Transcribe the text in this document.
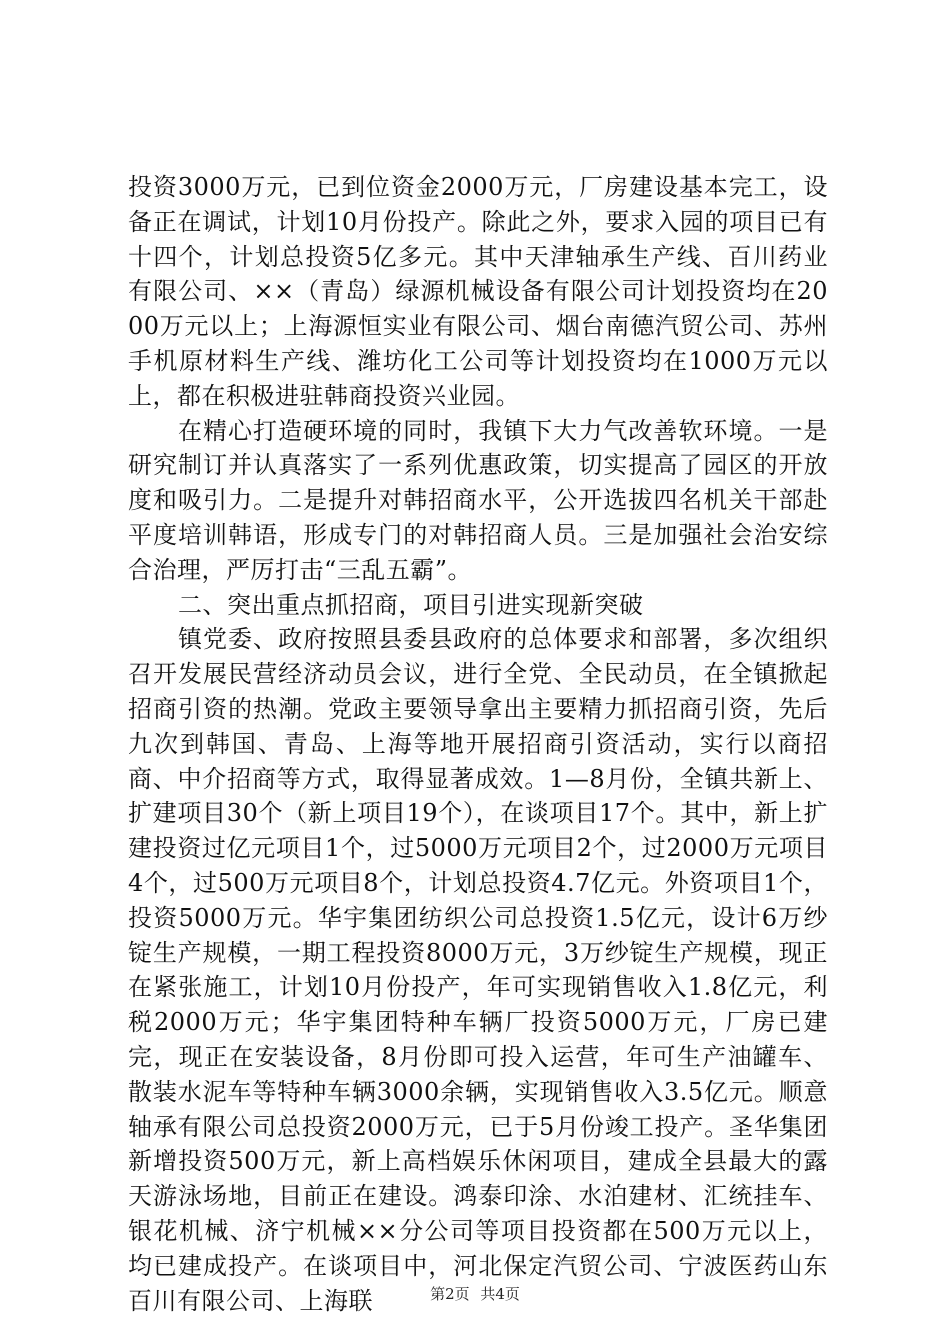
投资3000万元，已到位资金2000万元，厂房建设基本完工，设备正在调试，计划10月份投产。除此之外，要求入园的项目已有十四个，计划总投资5亿多元。其中天津轴承生产线、百川药业有限公司、××（青岛）绿源机械设备有限公司计划投资均在2000万元以上；上海源恒实业有限公司、烟台南德汽贸公司、苏州手机原材料生产线、潍坊化工公司等计划投资均在1000万元以上，都在积极进驻韩商投资兴业园。

在精心打造硬环境的同时，我镇下大力气改善软环境。一是研究制订并认真落实了一系列优惠政策，切实提高了园区的开放度和吸引力。二是提升对韩招商水平，公开选拔四名机关干部赴平度培训韩语，形成专门的对韩招商人员。三是加强社会治安综合治理，严厉打击“三乱五霸”。

二、突出重点抓招商，项目引进实现新突破

镇党委、政府按照县委县政府的总体要求和部署，多次组织召开发展民营经济动员会议，进行全党、全民动员，在全镇掀起招商引资的热潮。党政主要领导拿出主要精力抓招商引资，先后九次到韩国、青岛、上海等地开展招商引资活动，实行以商招商、中介招商等方式，取得显著成效。1—8月份，全镇共新上、扩建项目30个（新上项目19个），在谈项目17个。其中，新上扩建投资过亿元项目1个，过5000万元项目2个，过2000万元项目4个，过500万元项目8个，计划总投资4.7亿元。外资项目1个，投资5000万元。华宇集团纺织公司总投资1.5亿元，设计6万纱锭生产规模，一期工程投资8000万元，3万纱锭生产规模，现正在紧张施工，计划10月份投产，年可实现销售收入1.8亿元，利税2000万元；华宇集团特种车辆厂投资5000万元，厂房已建完，现正在安装设备，8月份即可投入运营，年可生产油罐车、散装水泥车等特种车辆3000余辆，实现销售收入3.5亿元。顺意轴承有限公司总投资2000万元，已于5月份竣工投产。圣华集团新增投资500万元，新上高档娱乐休闲项目，建成全县最大的露天游泳场地，目前正在建设。鸿泰印涂、水泊建材、汇统挂车、银花机械、济宁机械××分公司等项目投资都在500万元以上，均已建成投产。在谈项目中，河北保定汽贸公司、宁波医药山东百川有限公司、上海联	第2页 共4页
